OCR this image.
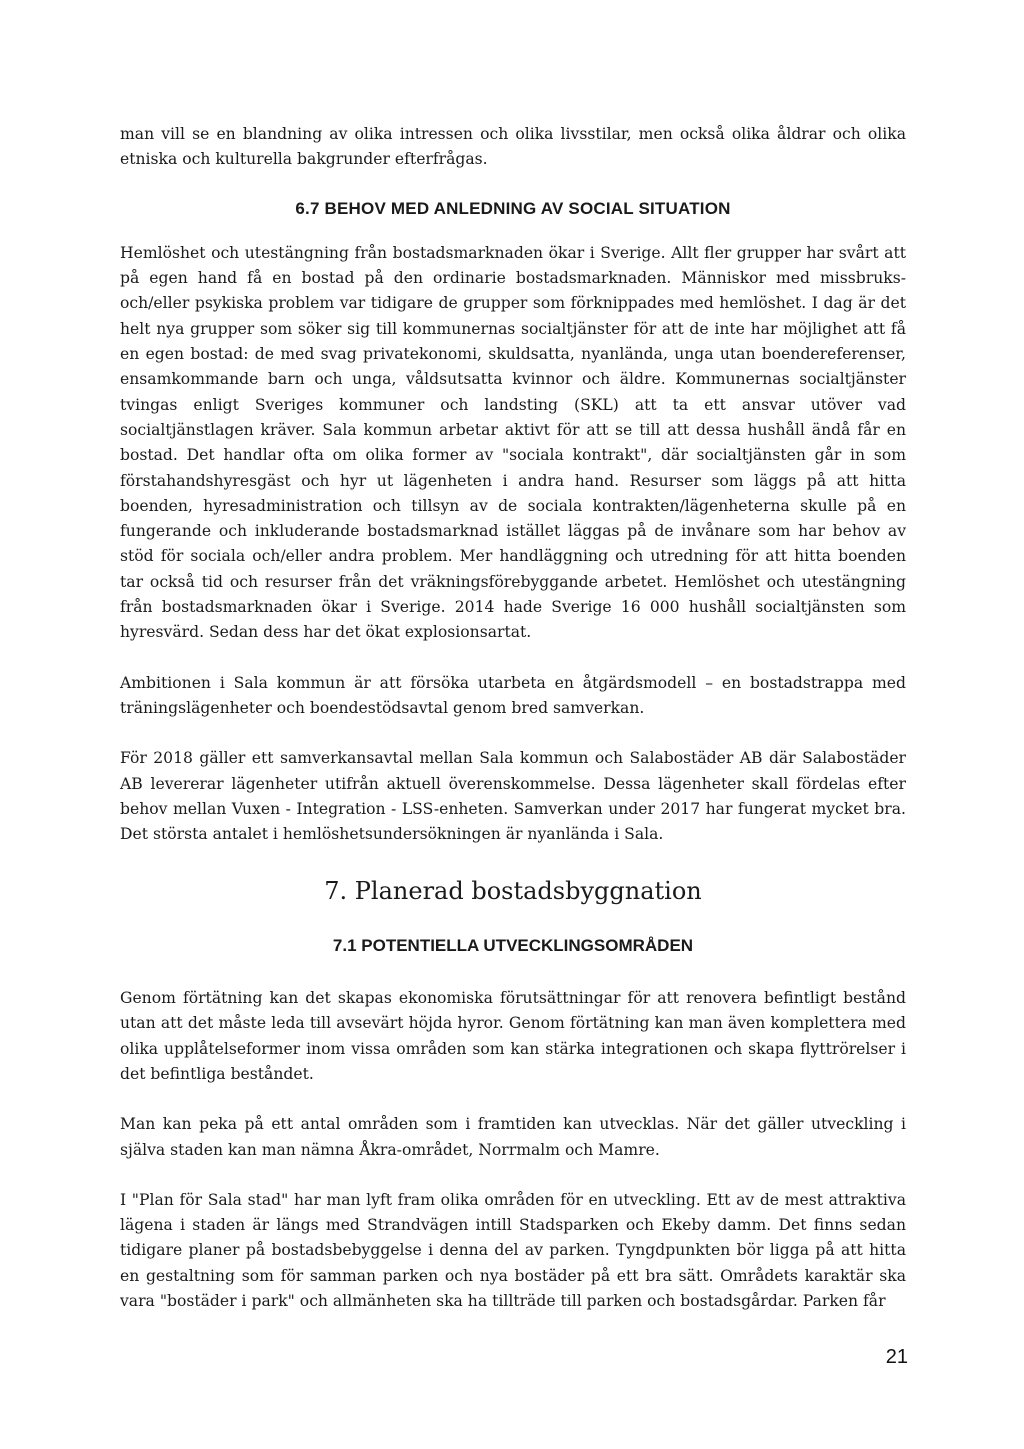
man vill se en blandning av olika intressen och olika livsstilar, men också olika åldrar och olika etniska och kulturella bakgrunder efterfrågas.

6.7 BEHOV MED ANLEDNING AV SOCIAL SITUATION

Hemlöshet och utestängning från bostadsmarknaden ökar i Sverige. Allt fler grupper har svårt att på egen hand få en bostad på den ordinarie bostadsmarknaden. Människor med missbruks- och/eller psykiska problem var tidigare de grupper som förknippades med hemlöshet. I dag är det helt nya grupper som söker sig till kommunernas socialtjänster för att de inte har möjlighet att få en egen bostad: de med svag privatekonomi, skuldsatta, nyanlända, unga utan boendereferenser, ensamkommande barn och unga, våldsutsatta kvinnor och äldre. Kommunernas socialtjänster tvingas enligt Sveriges kommuner och landsting (SKL) att ta ett ansvar utöver vad socialtjänstlagen kräver. Sala kommun arbetar aktivt för att se till att dessa hushåll ändå får en bostad. Det handlar ofta om olika former av "sociala kontrakt", där socialtjänsten går in som förstahandshyresgäst och hyr ut lägenheten i andra hand. Resurser som läggs på att hitta boenden, hyresadministration och tillsyn av de sociala kontrakten/lägenheterna skulle på en fungerande och inkluderande bostadsmarknad istället läggas på de invånare som har behov av stöd för sociala och/eller andra problem. Mer handläggning och utredning för att hitta boenden tar också tid och resurser från det vräkningsförebyggande arbetet. Hemlöshet och utestängning från bostadsmarknaden ökar i Sverige. 2014 hade Sverige 16 000 hushåll socialtjänsten som hyresvärd. Sedan dess har det ökat explosionsartat.

Ambitionen i Sala kommun är att försöka utarbeta en åtgärdsmodell – en bostadstrappa med träningslägenheter och boendestödsavtal genom bred samverkan.

För 2018 gäller ett samverkansavtal mellan Sala kommun och Salabostäder AB där Salabostäder AB levererar lägenheter utifrån aktuell överenskommelse. Dessa lägenheter skall fördelas efter behov mellan Vuxen - Integration - LSS-enheten. Samverkan under 2017 har fungerat mycket bra. Det största antalet i hemlöshetsundersökningen är nyanlända i Sala.

7. Planerad bostadsbyggnation
7.1 POTENTIELLA UTVECKLINGSOMRÅDEN

Genom förtätning kan det skapas ekonomiska förutsättningar för att renovera befintligt bestånd utan att det måste leda till avsevärt höjda hyror. Genom förtätning kan man även komplettera med olika upplåtelseformer inom vissa områden som kan stärka integrationen och skapa flyttrörelser i det befintliga beståndet.

Man kan peka på ett antal områden som i framtiden kan utvecklas. När det gäller utveckling i själva staden kan man nämna Åkra-området, Norrmalm och Mamre.

I "Plan för Sala stad" har man lyft fram olika områden för en utveckling. Ett av de mest attraktiva lägena i staden är längs med Strandvägen intill Stadsparken och Ekeby damm. Det finns sedan tidigare planer på bostadsbebyggelse i denna del av parken. Tyngdpunkten bör ligga på att hitta en gestaltning som för samman parken och nya bostäder på ett bra sätt. Områdets karaktär ska vara "bostäder i park" och allmänheten ska ha tillträde till parken och bostadsgårdar. Parken får

21
